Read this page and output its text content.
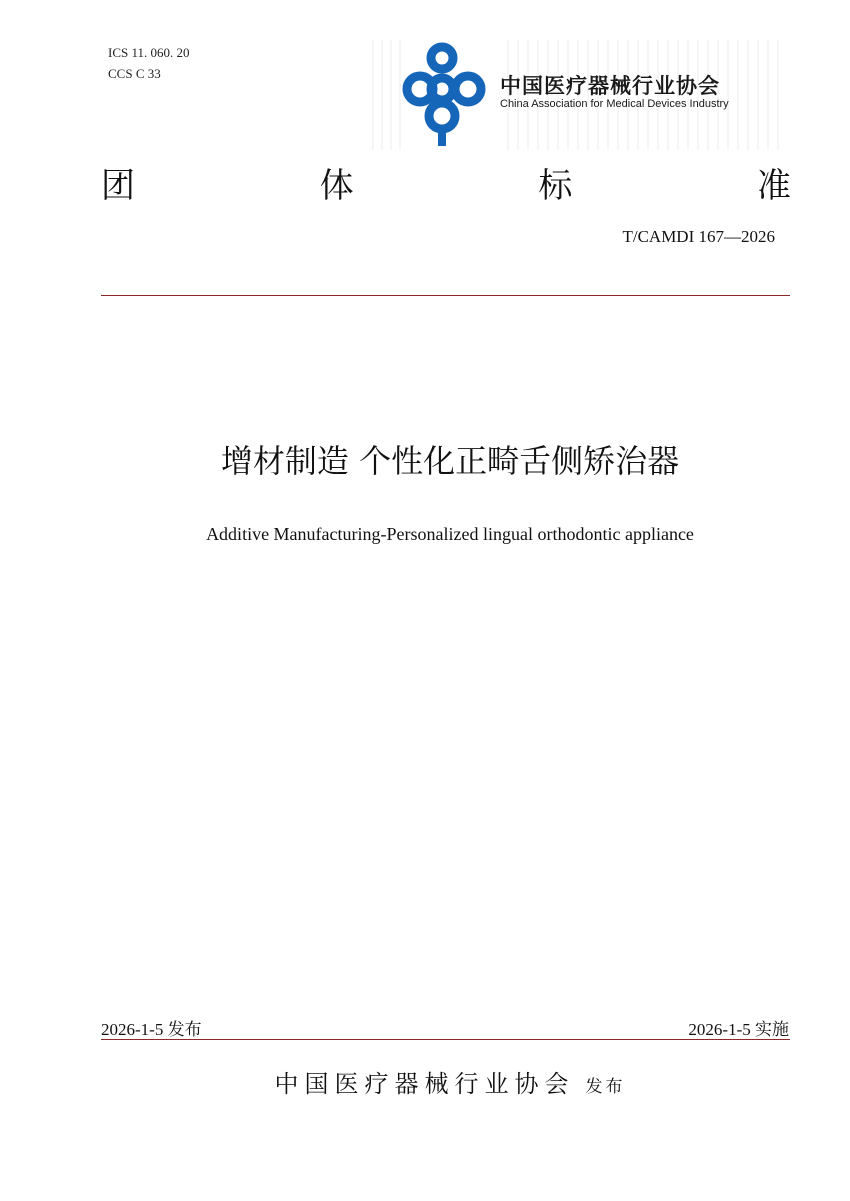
ICS 11. 060. 20
CCS C 33
中国医疗器械行业协会
China Association for Medical Devices Industry
团	体	标	准
T/CAMDI 167—2026
增材制造 个性化正畸舌侧矫治器
Additive Manufacturing-Personalized lingual orthodontic appliance
2026-1-5 发布	2026-1-5 实施
中国医疗器械行业协会 发布
